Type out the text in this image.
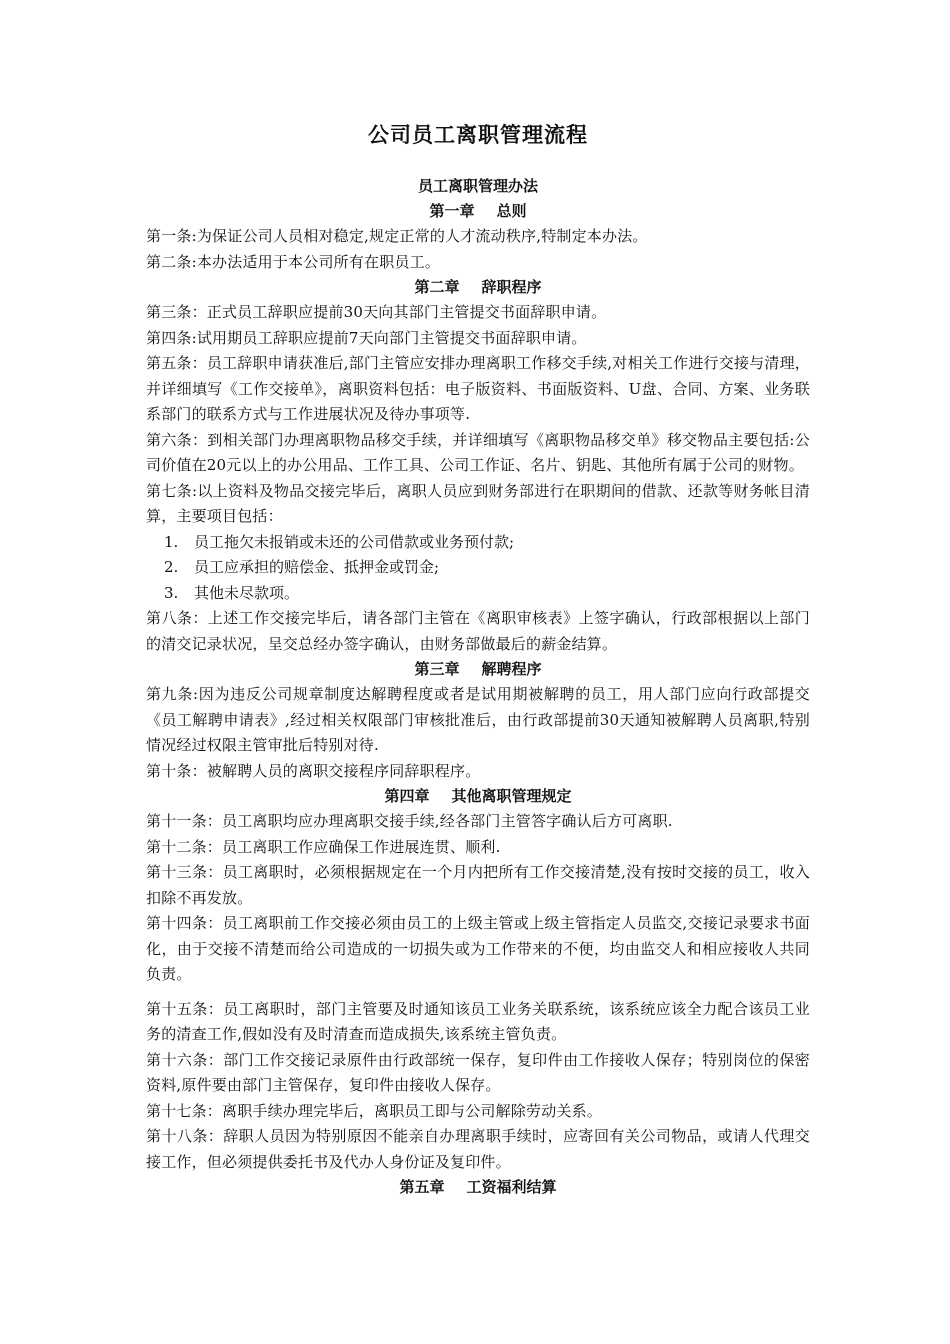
公司员工离职管理流程
员工离职管理办法
第一章 总则

第一条:为保证公司人员相对稳定,规定正常的人才流动秩序,特制定本办法。

第二条:本办法适用于本公司所有在职员工。

第二章 辞职程序

第三条：正式员工辞职应提前30天向其部门主管提交书面辞职申请。

第四条:试用期员工辞职应提前7天向部门主管提交书面辞职申请。

第五条：员工辞职申请获准后,部门主管应安排办理离职工作移交手续,对相关工作进行交接与清理，并详细填写《工作交接单》，离职资料包括：电子版资料、书面版资料、U盘、合同、方案、业务联系部门的联系方式与工作进展状况及待办事项等.

第六条：到相关部门办理离职物品移交手续，并详细填写《离职物品移交单》移交物品主要包括:公司价值在20元以上的办公用品、工作工具、公司工作证、名片、钥匙、其他所有属于公司的财物。

第七条:以上资料及物品交接完毕后，离职人员应到财务部进行在职期间的借款、还款等财务帐目清算，主要项目包括：

1. 员工拖欠未报销或未还的公司借款或业务预付款;

2. 员工应承担的赔偿金、抵押金或罚金;

3. 其他未尽款项。

第八条：上述工作交接完毕后，请各部门主管在《离职审核表》上签字确认，行政部根据以上部门的清交记录状况，呈交总经办签字确认，由财务部做最后的薪金结算。

第三章 解聘程序

第九条:因为违反公司规章制度达解聘程度或者是试用期被解聘的员工，用人部门应向行政部提交《员工解聘申请表》,经过相关权限部门审核批准后，由行政部提前30天通知被解聘人员离职,特别情况经过权限主管审批后特别对待.

第十条：被解聘人员的离职交接程序同辞职程序。

第四章 其他离职管理规定

第十一条：员工离职均应办理离职交接手续,经各部门主管答字确认后方可离职.

第十二条：员工离职工作应确保工作进展连贯、顺利.

第十三条：员工离职时，必须根据规定在一个月内把所有工作交接清楚,没有按时交接的员工，收入扣除不再发放。

第十四条：员工离职前工作交接必须由员工的上级主管或上级主管指定人员监交,交接记录要求书面化，由于交接不清楚而给公司造成的一切损失或为工作带来的不便，均由监交人和相应接收人共同负责。

第十五条：员工离职时，部门主管要及时通知该员工业务关联系统，该系统应该全力配合该员工业务的清查工作,假如没有及时清查而造成损失,该系统主管负责。

第十六条：部门工作交接记录原件由行政部统一保存，复印件由工作接收人保存；特别岗位的保密资料,原件要由部门主管保存，复印件由接收人保存。

第十七条：离职手续办理完毕后，离职员工即与公司解除劳动关系。

第十八条：辞职人员因为特别原因不能亲自办理离职手续时，应寄回有关公司物品，或请人代理交接工作，但必须提供委托书及代办人身份证及复印件。

第五章 工资福利结算
